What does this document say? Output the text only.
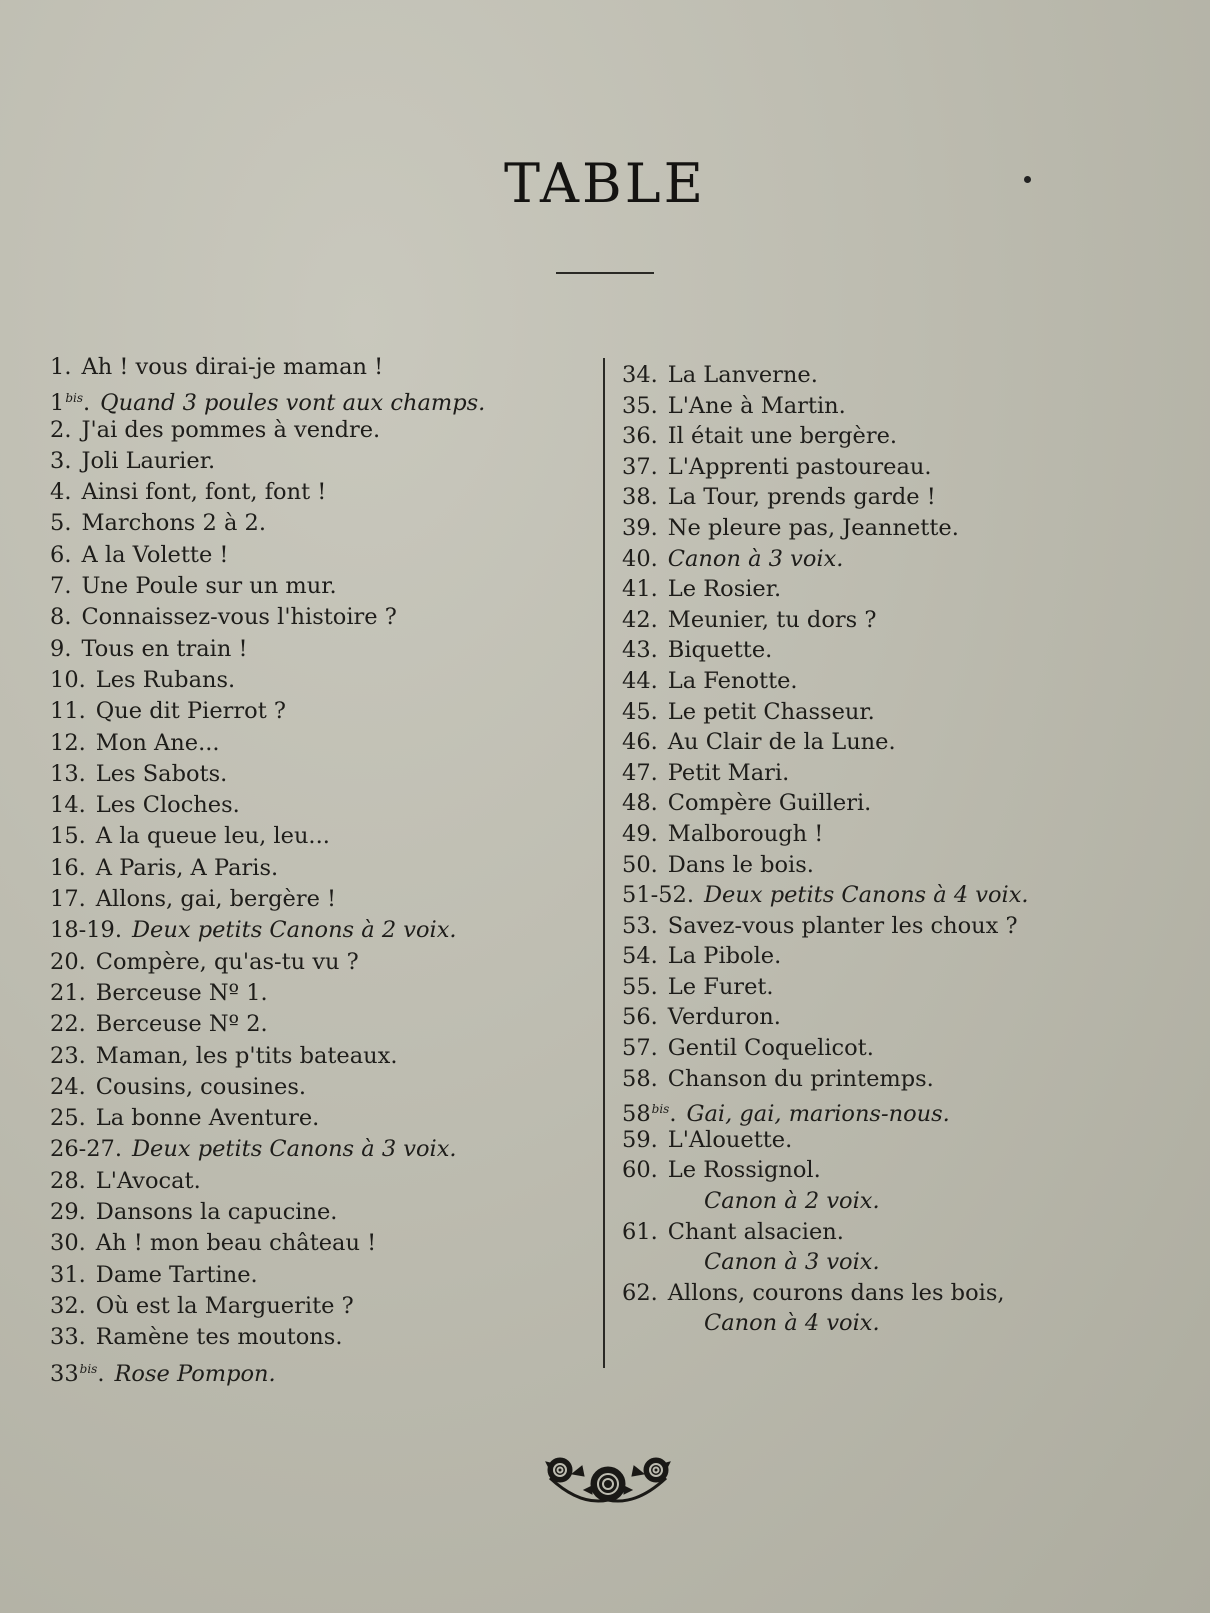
TABLE
1. Ah ! vous dirai-je maman !
$1^{bis}$. Quand 3 poules vont aux champs.
2. J'ai des pommes à vendre.
3. Joli Laurier.
4. Ainsi font, font, font !
5. Marchons 2 à 2.
6. A la Volette !
7. Une Poule sur un mur.
8. Connaissez-vous l'histoire ?
9. Tous en train !
10. Les Rubans.
11. Que dit Pierrot ?
12. Mon Ane...
13. Les Sabots.
14. Les Cloches.
15. A la queue leu, leu...
16. A Paris, A Paris.
17. Allons, gai, bergère !
18-19. Deux petits Canons à 2 voix.
20. Compère, qu'as-tu vu ?
21. Berceuse Nº 1.
22. Berceuse Nº 2.
23. Maman, les p'tits bateaux.
24. Cousins, cousines.
25. La bonne Aventure.
26-27. Deux petits Canons à 3 voix.
28. L'Avocat.
29. Dansons la capucine.
30. Ah ! mon beau château !
31. Dame Tartine.
32. Où est la Marguerite ?
33. Ramène tes moutons.
$33^{bis}$. Rose Pompon.
34. La Lanverne.
35. L'Ane à Martin.
36. Il était une bergère.
37. L'Apprenti pastoureau.
38. La Tour, prends garde !
39. Ne pleure pas, Jeannette.
40. Canon à 3 voix.
41. Le Rosier.
42. Meunier, tu dors ?
43. Biquette.
44. La Fenotte.
45. Le petit Chasseur.
46. Au Clair de la Lune.
47. Petit Mari.
48. Compère Guilleri.
49. Malborough !
50. Dans le bois.
51-52. Deux petits Canons à 4 voix.
53. Savez-vous planter les choux ?
54. La Pibole.
55. Le Furet.
56. Verduron.
57. Gentil Coquelicot.
58. Chanson du printemps.
$58^{bis}$. Gai, gai, marions-nous.
59. L'Alouette.
60. Le Rossignol.
Canon à 2 voix.
61. Chant alsacien.
Canon à 3 voix.
62. Allons, courons dans les bois,
Canon à 4 voix.
